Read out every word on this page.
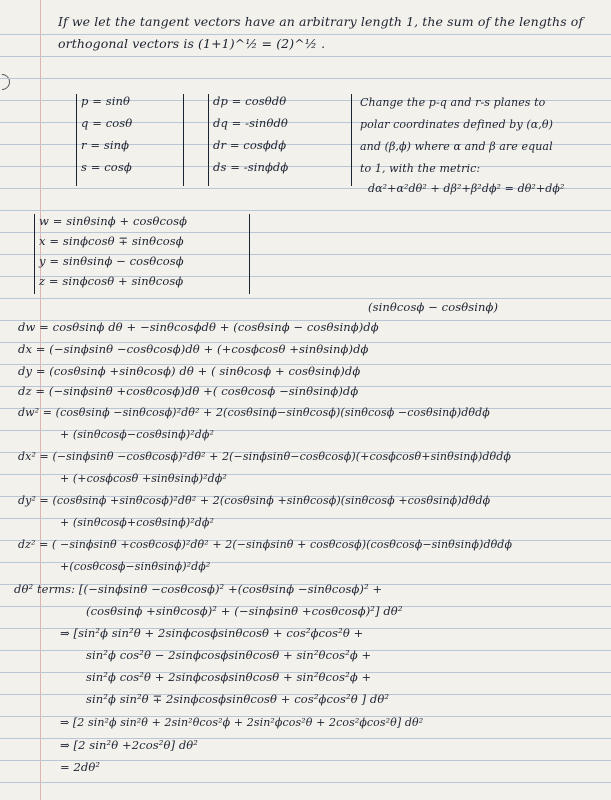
If we let the tangent vectors have an arbitrary length 1, the sum of the lengths of
orthogonal vectors is (1+1)^½ = (2)^½ .
p = sinθ
q = cosθ
r = sinϕ
s = cosϕ
dp = cosθdθ
dq = -sinθdθ
dr = cosϕdϕ
ds = -sinϕdϕ
Change the p-q and r-s planes to
polar coordinates defined by (α,θ)
and (β,ϕ) where α and β are equal
to 1, with the metric:
dα²+α²dθ² + dβ²+β²dϕ² = dθ²+dϕ²
w = sinθsinϕ + cosθcosϕ
x = sinϕcosθ ∓ sinθcosϕ
y = sinθsinϕ − cosθcosϕ
z = sinϕcosθ + sinθcosϕ
(sinθcosϕ − cosθsinϕ)
dw = cosθsinϕ dθ + −sinθcosϕdθ + (cosθsinϕ − cosθsinϕ)dϕ
dx = (−sinϕsinθ −cosθcosϕ)dθ + (+cosϕcosθ +sinθsinϕ)dϕ
dy = (cosθsinϕ +sinθcosϕ) dθ + ( sinθcosϕ + cosθsinϕ)dϕ
dz = (−sinϕsinθ +cosθcosϕ)dθ +( cosθcosϕ −sinθsinϕ)dϕ
dw² = (cosθsinϕ −sinθcosϕ)²dθ² + 2(cosθsinϕ−sinθcosϕ)(sinθcosϕ −cosθsinϕ)dθdϕ
+ (sinθcosϕ−cosθsinϕ)²dϕ²
dx² = (−sinϕsinθ −cosθcosϕ)²dθ² + 2(−sinϕsinθ−cosθcosϕ)(+cosϕcosθ+sinθsinϕ)dθdϕ
+ (+cosϕcosθ +sinθsinϕ)²dϕ²
dy² = (cosθsinϕ +sinθcosϕ)²dθ² + 2(cosθsinϕ +sinθcosϕ)(sinθcosϕ +cosθsinϕ)dθdϕ
+ (sinθcosϕ+cosθsinϕ)²dϕ²
dz² = ( −sinϕsinθ +cosθcosϕ)²dθ² + 2(−sinϕsinθ + cosθcosϕ)(cosθcosϕ−sinθsinϕ)dθdϕ
+(cosθcosϕ−sinθsinϕ)²dϕ²
dθ² terms: [(−sinϕsinθ −cosθcosϕ)² +(cosθsinϕ −sinθcosϕ)² +
(cosθsinϕ +sinθcosϕ)² + (−sinϕsinθ +cosθcosϕ)²] dθ²
⇒ [sin²ϕ sin²θ + 2sinϕcosϕsinθcosθ + cos²ϕcos²θ +
sin²ϕ cos²θ − 2sinϕcosϕsinθcosθ + sin²θcos²ϕ +
sin²ϕ cos²θ + 2sinϕcosϕsinθcosθ + sin²θcos²ϕ +
sin²ϕ sin²θ ∓ 2sinϕcosϕsinθcosθ + cos²ϕcos²θ ] dθ²
⇒ [2 sin²ϕ sin²θ + 2sin²θcos²ϕ + 2sin²ϕcos²θ + 2cos²ϕcos²θ] dθ²
⇒ [2 sin²θ +2cos²θ] dθ²
= 2dθ²
